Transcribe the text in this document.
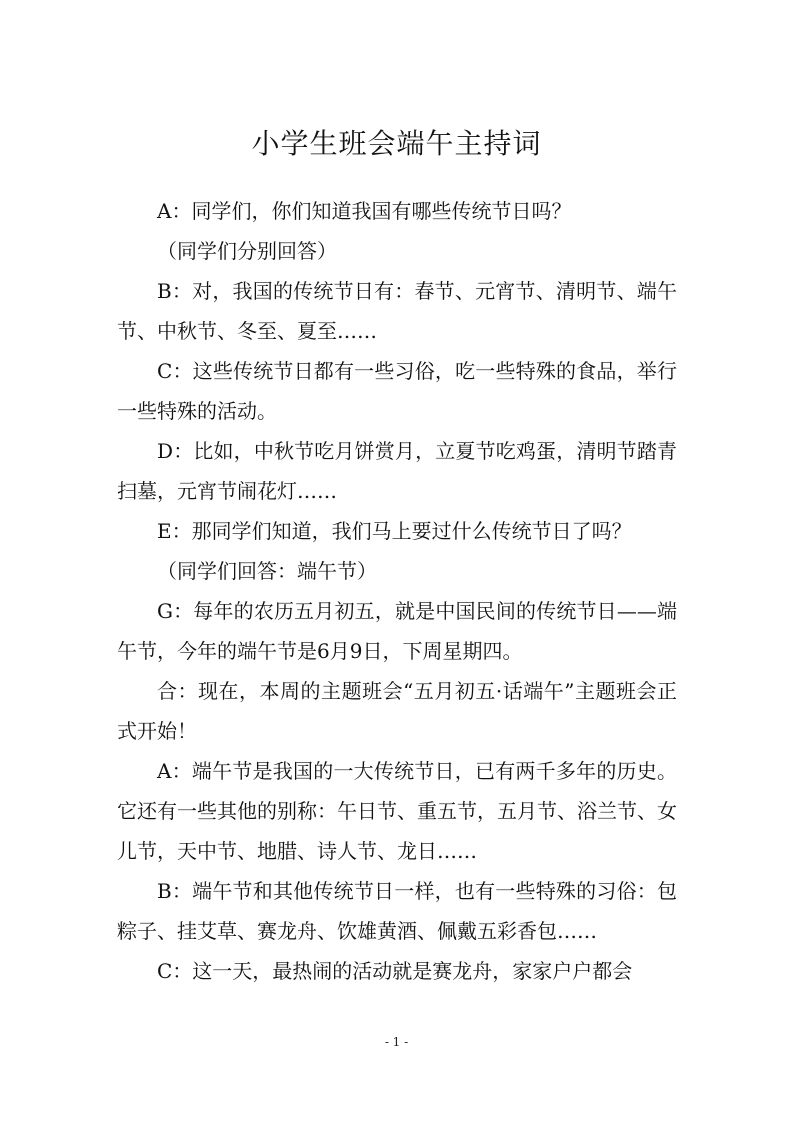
小学生班会端午主持词

A：同学们，你们知道我国有哪些传统节日吗？

（同学们分别回答）

B：对，我国的传统节日有：春节、元宵节、清明节、端午节、中秋节、冬至、夏至……

C：这些传统节日都有一些习俗，吃一些特殊的食品，举行一些特殊的活动。

D：比如，中秋节吃月饼赏月，立夏节吃鸡蛋，清明节踏青扫墓，元宵节闹花灯……

E：那同学们知道，我们马上要过什么传统节日了吗？

（同学们回答：端午节）

G：每年的农历五月初五，就是中国民间的传统节日——端午节，今年的端午节是6月9日，下周星期四。

合：现在，本周的主题班会“五月初五·话端午”主题班会正式开始！

A：端午节是我国的一大传统节日，已有两千多年的历史。它还有一些其他的别称：午日节、重五节，五月节、浴兰节、女儿节，天中节、地腊、诗人节、龙日……

B：端午节和其他传统节日一样，也有一些特殊的习俗：包粽子、挂艾草、赛龙舟、饮雄黄酒、佩戴五彩香包……

C：这一天，最热闹的活动就是赛龙舟，家家户户都会

- 1 -
